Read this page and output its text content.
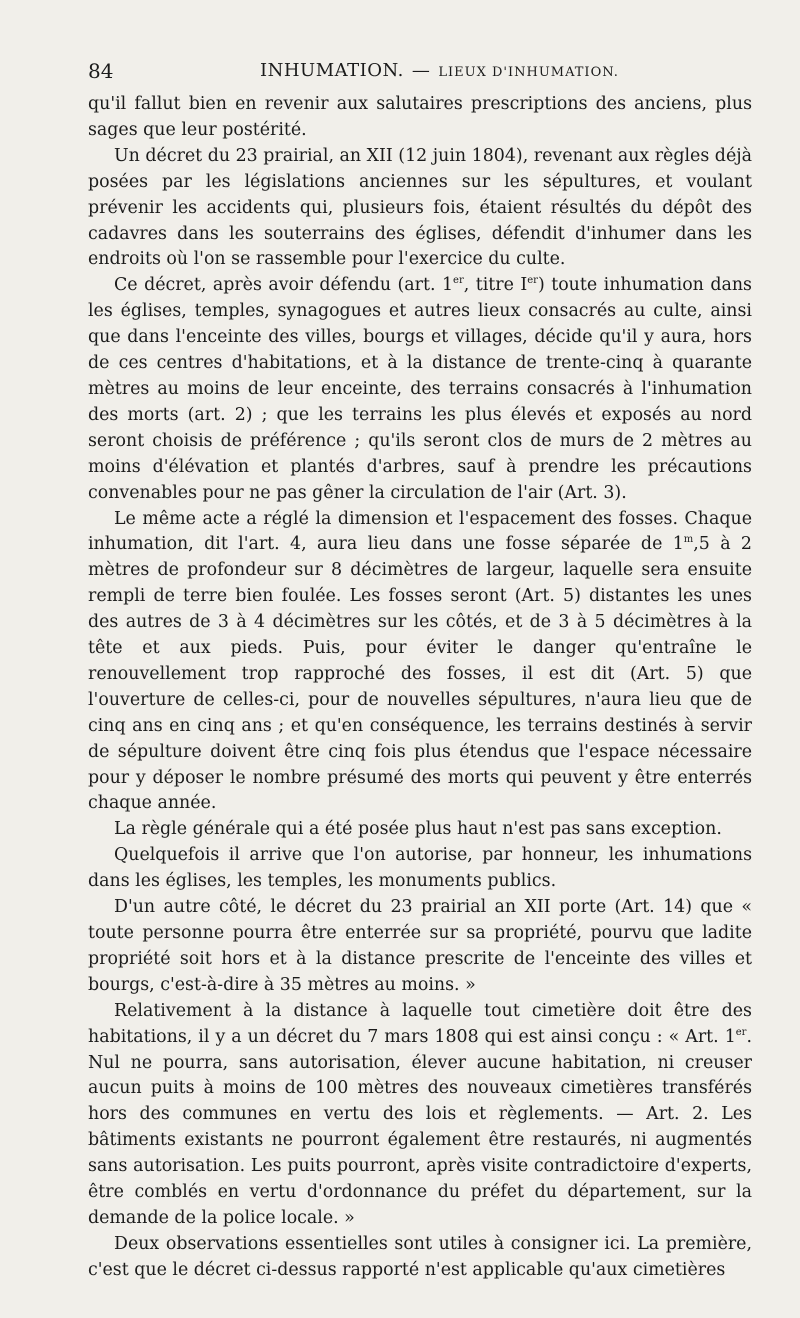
84	INHUMATION. — LIEUX D'INHUMATION.

qu'il fallut bien en revenir aux salutaires prescriptions des anciens, plus sages que leur postérité.

Un décret du 23 prairial, an XII (12 juin 1804), revenant aux règles déjà posées par les législations anciennes sur les sépultures, et voulant prévenir les accidents qui, plusieurs fois, étaient résultés du dépôt des cadavres dans les souterrains des églises, défendit d'inhumer dans les endroits où l'on se rassemble pour l'exercice du culte.

Ce décret, après avoir défendu (art. 1er, titre Ier) toute inhumation dans les églises, temples, synagogues et autres lieux consacrés au culte, ainsi que dans l'enceinte des villes, bourgs et villages, décide qu'il y aura, hors de ces centres d'habitations, et à la distance de trente-cinq à quarante mètres au moins de leur enceinte, des terrains consacrés à l'inhumation des morts (art. 2) ; que les terrains les plus élevés et exposés au nord seront choisis de préférence ; qu'ils seront clos de murs de 2 mètres au moins d'élévation et plantés d'arbres, sauf à prendre les précautions convenables pour ne pas gêner la circulation de l'air (Art. 3).

Le même acte a réglé la dimension et l'espacement des fosses. Chaque inhumation, dit l'art. 4, aura lieu dans une fosse séparée de 1$^m$,5 à 2 mètres de profondeur sur 8 décimètres de largeur, laquelle sera ensuite rempli de terre bien foulée. Les fosses seront (Art. 5) distantes les unes des autres de 3 à 4 décimètres sur les côtés, et de 3 à 5 décimètres à la tête et aux pieds. Puis, pour éviter le danger qu'entraîne le renouvellement trop rapproché des fosses, il est dit (Art. 5) que l'ouverture de celles-ci, pour de nouvelles sépultures, n'aura lieu que de cinq ans en cinq ans ; et qu'en conséquence, les terrains destinés à servir de sépulture doivent être cinq fois plus étendus que l'espace nécessaire pour y déposer le nombre présumé des morts qui peuvent y être enterrés chaque année.

La règle générale qui a été posée plus haut n'est pas sans exception.

Quelquefois il arrive que l'on autorise, par honneur, les inhumations dans les églises, les temples, les monuments publics.

D'un autre côté, le décret du 23 prairial an XII porte (Art. 14) que « toute personne pourra être enterrée sur sa propriété, pourvu que ladite propriété soit hors et à la distance prescrite de l'enceinte des villes et bourgs, c'est-à-dire à 35 mètres au moins. »

Relativement à la distance à laquelle tout cimetière doit être des habitations, il y a un décret du 7 mars 1808 qui est ainsi conçu : « Art. 1er. Nul ne pourra, sans autorisation, élever aucune habitation, ni creuser aucun puits à moins de 100 mètres des nouveaux cimetières transférés hors des communes en vertu des lois et règlements. — Art. 2. Les bâtiments existants ne pourront également être restaurés, ni augmentés sans autorisation. Les puits pourront, après visite contradictoire d'experts, être comblés en vertu d'ordonnance du préfet du département, sur la demande de la police locale. »

Deux observations essentielles sont utiles à consigner ici. La première, c'est que le décret ci-dessus rapporté n'est applicable qu'aux cimetières
